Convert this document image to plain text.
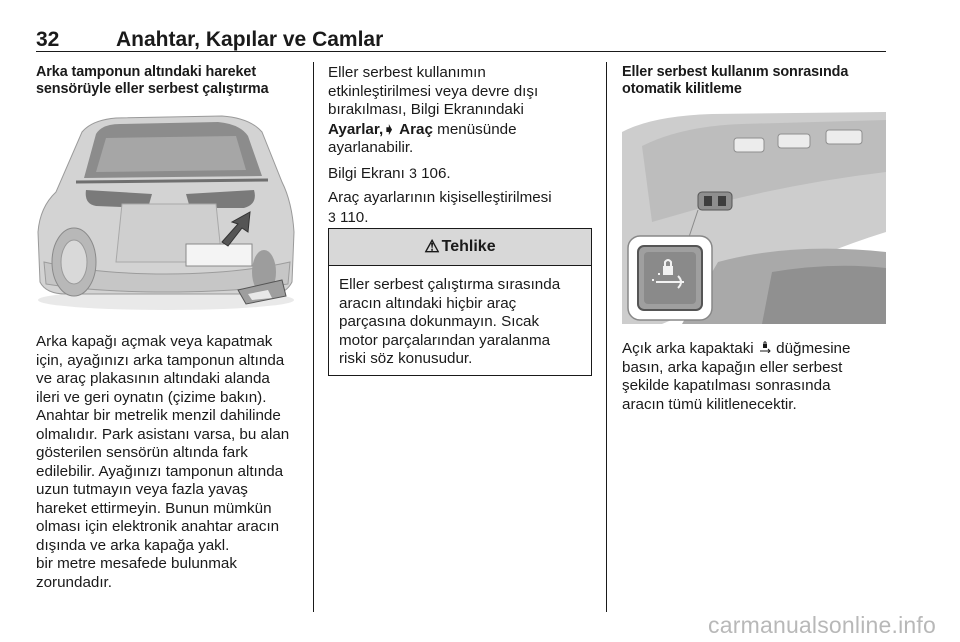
32	Anahtar, Kapılar ve Camlar

Arka tamponun altındaki hareket
sensörüyle eller serbest çalıştırma

Arka kapağı açmak veya kapatmak
için, ayağınızı arka tamponun altında
ve araç plakasının altındaki alanda
ileri ve geri oynatın (çizime bakın).
Anahtar bir metrelik menzil dahilinde
olmalıdır. Park asistanı varsa, bu alan
gösterilen sensörün altında fark
edilebilir. Ayağınızı tamponun altında
uzun tutmayın veya fazla yavaş
hareket ettirmeyin. Bunun mümkün
olması için elektronik anahtar aracın
dışında ve arka kapağa yakl.
bir metre mesafede bulunmak
zorundadır.

Eller serbest kullanımın
etkinleştirilmesi veya devre dışı
bırakılması, Bilgi Ekranındaki
Ayarlar,➧ Araç menüsünde
ayarlanabilir.

Bilgi Ekranı 3 106.

Araç ayarlarının kişiselleştirilmesi
3 110.

⚠ Tehlike
Eller serbest çalıştırma sırasında
aracın altındaki hiçbir araç
parçasına dokunmayın. Sıcak
motor parçalarından yaralanma
riski söz konusudur.

Eller serbest kullanım sonrasında
otomatik kilitleme

Açık arka kapaktaki düğmesine
basın, arka kapağın eller serbest
şekilde kapatılması sonrasında
aracın tümü kilitlenecektir.

carmanualsonline.info
